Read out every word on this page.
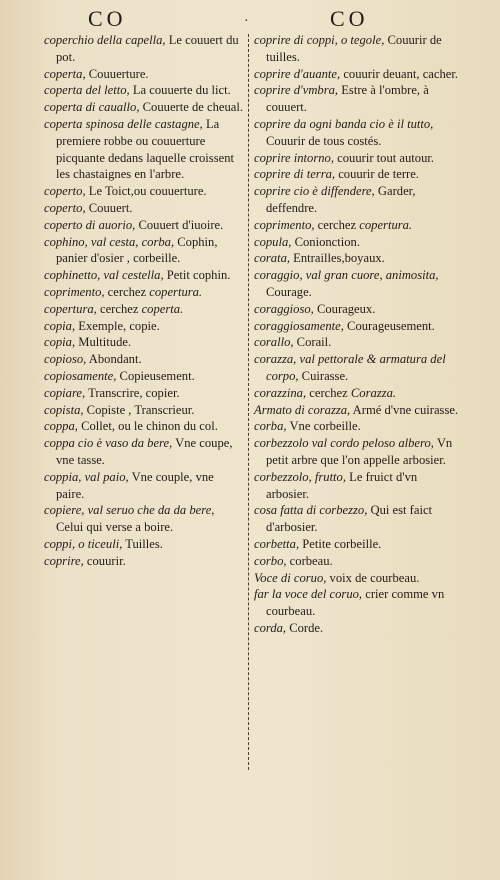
CO	·	CO
coperchio della capella, Le couuert du pot.
coperta, Couuerture.
coperta del letto, La couuerte du lict.
coperta di cauallo, Couuerte de cheual.
coperta spinosa delle castagne, La premiere robbe ou couuerture picquante dedans laquelle croissent les chastaignes en l'arbre.
coperto, Le Toict,ou couuerture.
coperto, Couuert.
coperto di auorio, Couuert d'iuoire.
cophino, val cesta, corba, Cophin, panier d'osier , corbeille.
cophinetto, val cestella, Petit cophin.
coprimento, cerchez copertura.
copertura, cerchez coperta.
copia, Exemple, copie.
copia, Multitude.
copioso, Abondant.
copiosamente, Copieusement.
copiare, Transcrire, copier.
copista, Copiste , Transcrieur.
coppa, Collet, ou le chinon du col.
coppa cio è vaso da bere, Vne coupe, vne tasse.
coppia, val paio, Vne couple, vne paire.
copiere, val seruo che da da bere, Celui qui verse a boire.
coppi, o ticeuli, Tuilles.
coprire, couurir.
coprire di coppi, o tegole, Couurir de tuilles.
coprire d'auante, couurir deuant, cacher.
coprire d'vmbra, Estre à l'ombre, à couuert.
coprire da ogni banda cio è il tutto, Couurir de tous costés.
coprire intorno, couurir tout autour.
coprire di terra, couurir de terre.
coprire cio è diffendere, Garder, deffendre.
coprimento, cerchez copertura.
copula, Conionction.
corata, Entrailles,boyaux.
coraggio, val gran cuore, animosita, Courage.
coraggioso, Courageux.
coraggiosamente, Courageusement.
corallo, Corail.
corazza, val pettorale & armatura del corpo, Cuirasse.
corazzina, cerchez Corazza.
Armato di corazza, Armé d'vne cuirasse.
corba, Vne corbeille.
corbezzolo val cordo peloso albero, Vn petit arbre que l'on appelle arbosier.
corbezzolo, frutto, Le fruict d'vn arbosier.
cosa fatta di corbezzo, Qui est faict d'arbosier.
corbetta, Petite corbeille.
corbo, corbeau.
Voce di coruo, voix de courbeau.
far la voce del coruo, crier comme vn courbeau.
corda, Corde.
